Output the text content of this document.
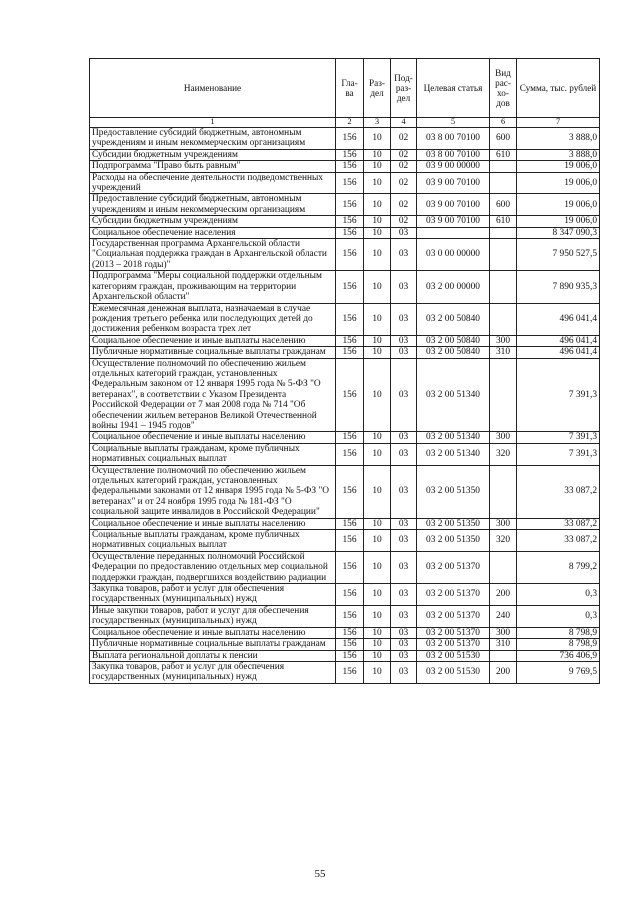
Наименование	Гла-ва	Раз-дел	Под-раз-дел	Целевая статья	Вид рас-хо-дов	Сумма, тыс. рублей
1	2	3	4	5	6	7
Предоставление субсидий бюджетным, автономным учреждениям и иным некоммерческим организациям	156	10	02	03 8 00 70100	600	3 888,0
Субсидии бюджетным учреждениям	156	10	02	03 8 00 70100	610	3 888,0
Подпрограмма "Право быть равным"	156	10	02	03 9 00 00000		19 006,0
Расходы на обеспечение деятельности подведомственных учреждений	156	10	02	03 9 00 70100		19 006,0
Предоставление субсидий бюджетным, автономным учреждениям и иным некоммерческим организациям	156	10	02	03 9 00 70100	600	19 006,0
Субсидии бюджетным учреждениям	156	10	02	03 9 00 70100	610	19 006,0
Социальное обеспечение населения	156	10	03			8 347 090,3
Государственная программа Архангельской области "Социальная поддержка граждан в Архангельской области (2013 – 2018 годы)"	156	10	03	03 0 00 00000		7 950 527,5
Подпрограмма "Меры социальной поддержки отдельным категориям граждан, проживающим на территории Архангельской области"	156	10	03	03 2 00 00000		7 890 935,3
Ежемесячная денежная выплата, назначаемая в случае рождения третьего ребенка или последующих детей до достижения ребенком возраста трех лет	156	10	03	03 2 00 50840		496 041,4
Социальное обеспечение и иные выплаты населению	156	10	03	03 2 00 50840	300	496 041,4
Публичные нормативные социальные выплаты гражданам	156	10	03	03 2 00 50840	310	496 041,4
Осуществление полномочий по обеспечению жильем отдельных категорий граждан, установленных Федеральным законом от 12 января 1995 года № 5-ФЗ "О ветеранах", в соответствии с Указом Президента Российской Федерации от 7 мая 2008 года № 714 "Об обеспечении жильем ветеранов Великой Отечественной войны 1941 – 1945 годов"	156	10	03	03 2 00 51340		7 391,3
Социальное обеспечение и иные выплаты населению	156	10	03	03 2 00 51340	300	7 391,3
Социальные выплаты гражданам, кроме публичных нормативных социальных выплат	156	10	03	03 2 00 51340	320	7 391,3
Осуществление полномочий по обеспечению жильем отдельных категорий граждан, установленных федеральными законами от 12 января 1995 года № 5-ФЗ "О ветеранах" и от 24 ноября 1995 года № 181-ФЗ "О социальной защите инвалидов в Российской Федерации"	156	10	03	03 2 00 51350		33 087,2
Социальное обеспечение и иные выплаты населению	156	10	03	03 2 00 51350	300	33 087,2
Социальные выплаты гражданам, кроме публичных нормативных социальных выплат	156	10	03	03 2 00 51350	320	33 087,2
Осуществление переданных полномочий Российской Федерации по предоставлению отдельных мер социальной поддержки граждан, подвергшихся воздействию радиации	156	10	03	03 2 00 51370		8 799,2
Закупка товаров, работ и услуг для обеспечения государственных (муниципальных) нужд	156	10	03	03 2 00 51370	200	0,3
Иные закупки товаров, работ и услуг для обеспечения государственных (муниципальных) нужд	156	10	03	03 2 00 51370	240	0,3
Социальное обеспечение и иные выплаты населению	156	10	03	03 2 00 51370	300	8 798,9
Публичные нормативные социальные выплаты гражданам	156	10	03	03 2 00 51370	310	8 798,9
Выплата региональной доплаты к пенсии	156	10	03	03 2 00 51530		736 406,9
Закупка товаров, работ и услуг для обеспечения государственных (муниципальных) нужд	156	10	03	03 2 00 51530	200	9 769,5
55
